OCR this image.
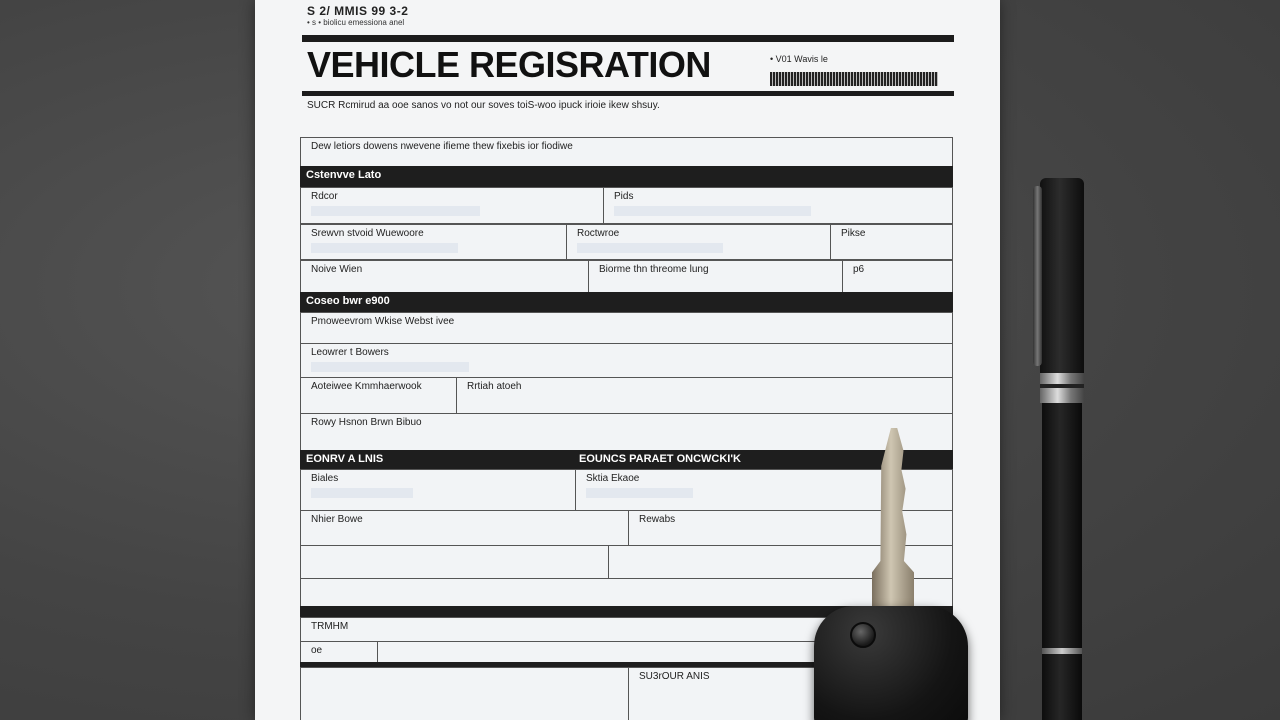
S 2/ MMIS 99 3-2
• s • biolicu emessiona anel
VEHICLE REGISRATION	• V01 Wavis le
SUCR Rcmirud aa ooe sanos vo not our soves toiS-woo ipuck irioie ikew shsuy.
Dew letiors dowens nwevene ifieme thew fixebis ior fiodiwe
Cstenvve Lato
Rdcor	Pids
Srewvn stvoid Wuewoore	Roctwroe	Pikse
Noive Wien	Biorme thn threome lung	p6
Coseo bwr e900
Pmoweevrom Wkise Webst ivee
Leowrer t Bowers
Aoteiwee Kmmhaerwook	Rrtiah atoeh
Rowy Hsnon Brwn Bibuo
EONRV A LNIS	EOUNCS PARAET ONCWCKI'K
Biales	Sktia Ekaoe
Nhier Bowe	Rewabs
TRMHM
oe
SU3rOUR ANIS
